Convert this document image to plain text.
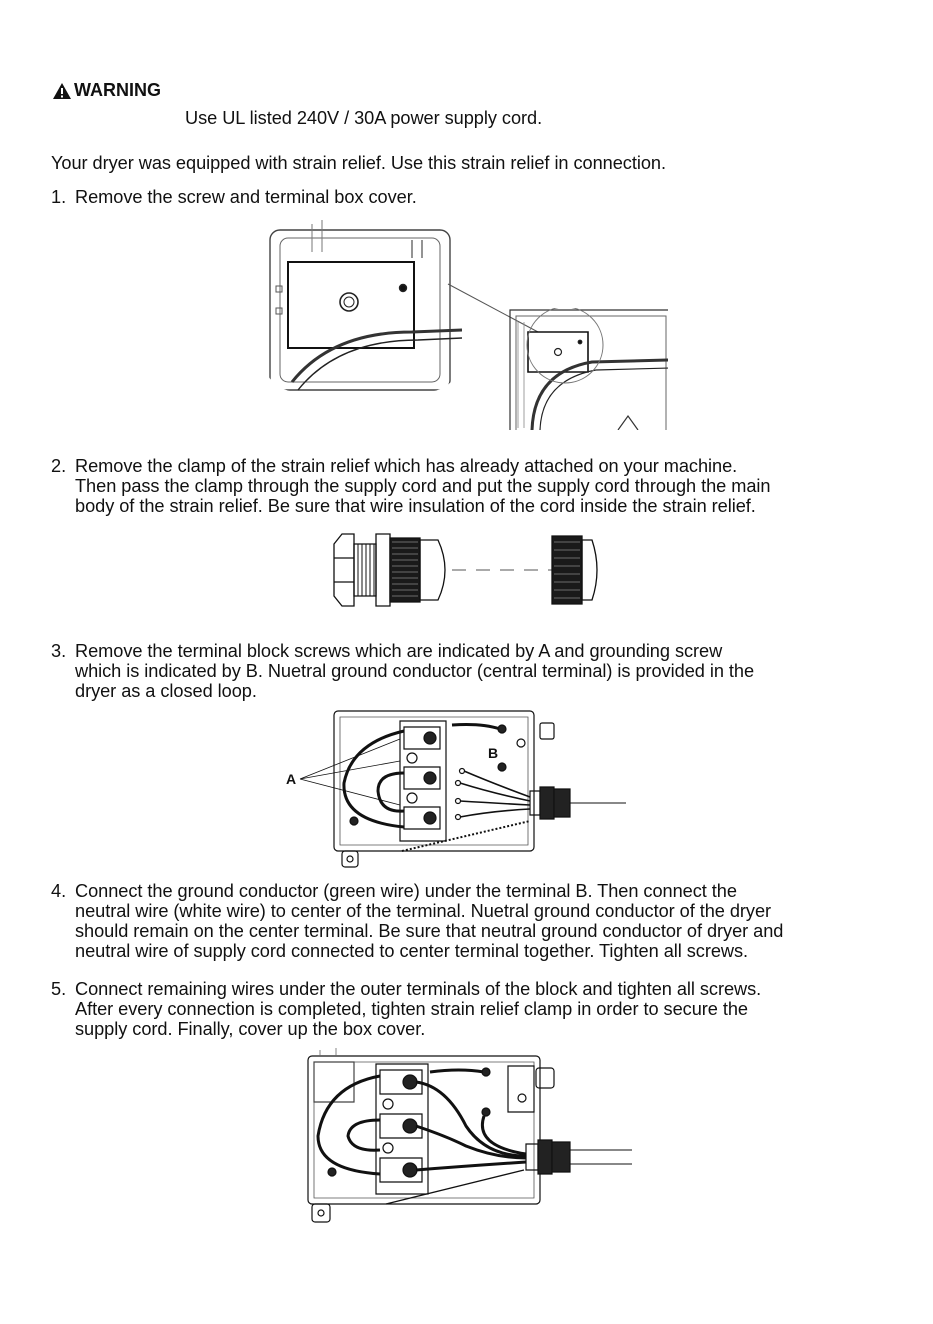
WARNING
Use UL listed 240V / 30A power supply cord.
Your dryer was equipped with strain relief. Use this strain relief in connection.
1. Remove the screw and terminal box cover.
2. Remove the clamp of the strain relief which has already attached on your machine.
Then pass the clamp through the supply cord and put the supply cord through the main
body of the strain relief. Be sure that wire insulation of the cord inside the strain relief.
3. Remove the terminal block screws which are indicated by A and grounding screw
which is indicated by B. Nuetral ground conductor (central terminal) is provided in the
dryer as a closed loop.
A
B
4. Connect the ground conductor (green wire) under the terminal B. Then connect the
neutral wire (white wire) to center of the terminal. Nuetral ground conductor of the dryer
should remain on the center terminal. Be sure that neutral ground conductor of dryer and
neutral wire of supply cord connected to center terminal together. Tighten all screws.
5. Connect remaining wires under the outer terminals of the block and tighten all screws.
After every connection is completed, tighten strain relief clamp in order to secure the
supply cord. Finally, cover up the box cover.
